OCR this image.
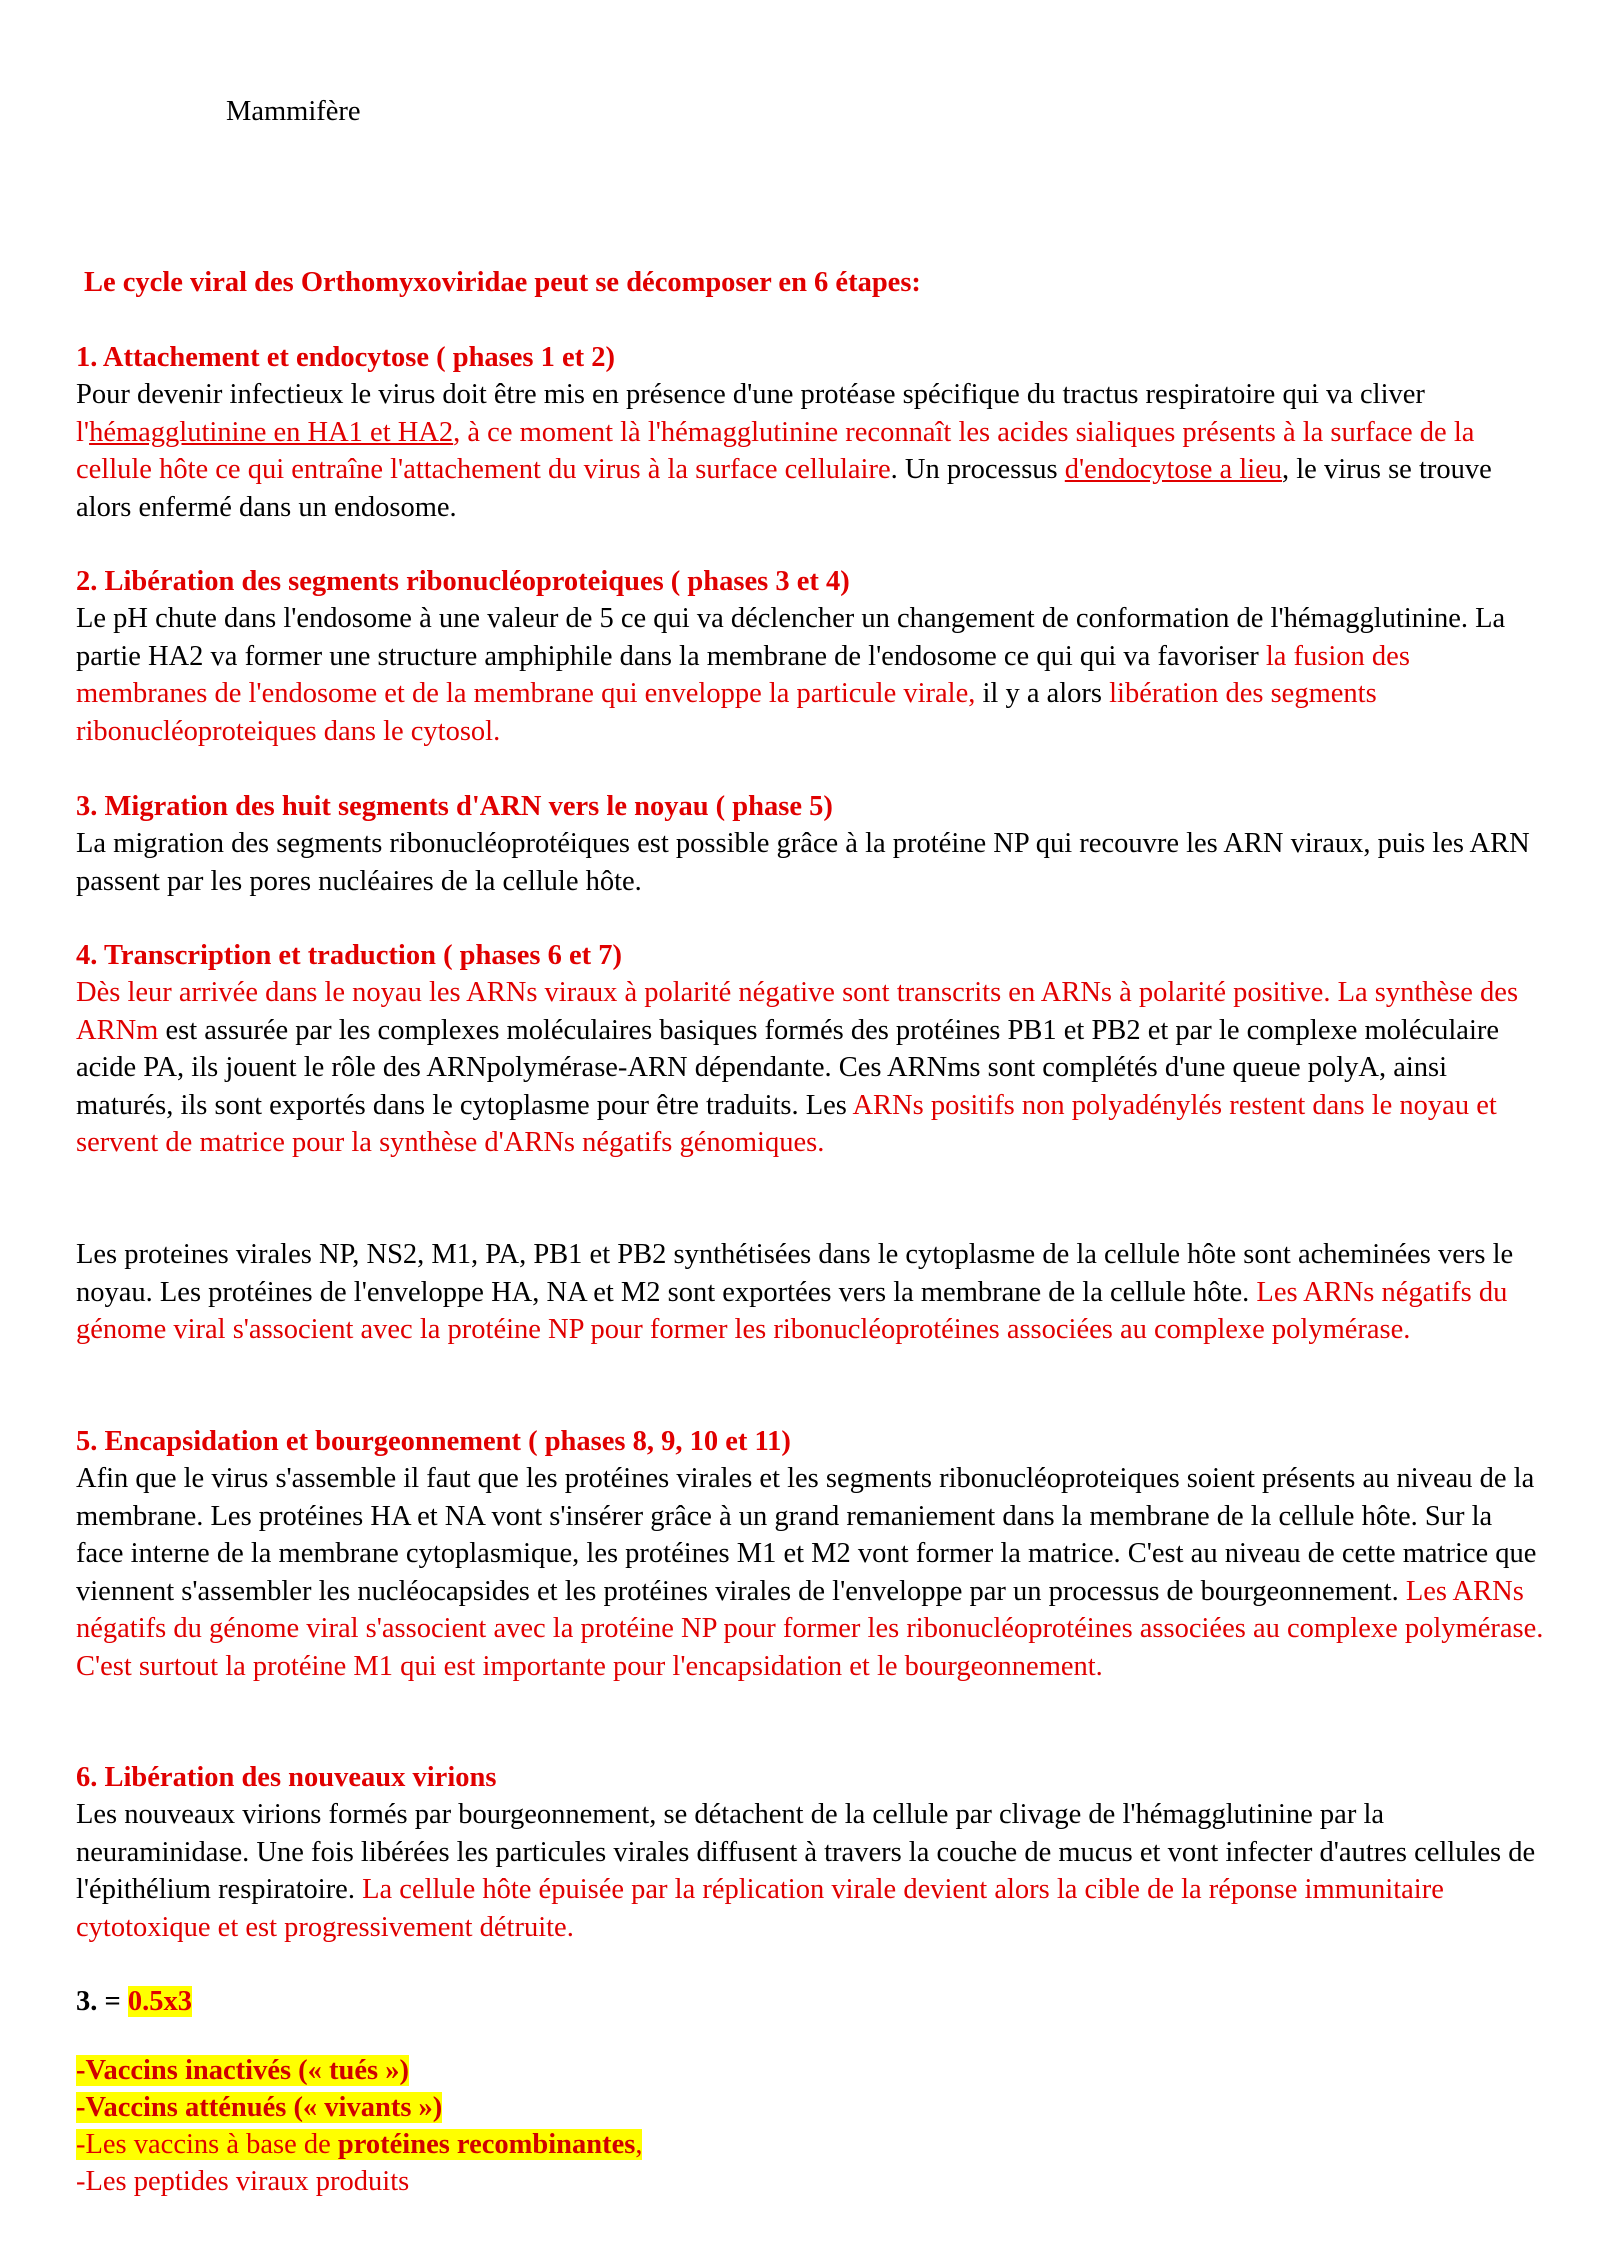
Mammifère

Le cycle viral des Orthomyxoviridae peut se décomposer en 6 étapes:

1. Attachement et endocytose ( phases 1 et 2)

Pour devenir infectieux le virus doit être mis en présence d'une protéase spécifique du tractus respiratoire qui va cliver l'hémagglutinine en HA1 et HA2, à ce moment là l'hémagglutinine reconnaît les acides sialiques présents à la surface de la cellule hôte ce qui entraîne l'attachement du virus à la surface cellulaire. Un processus d'endocytose a lieu, le virus se trouve alors enfermé dans un endosome.

2. Libération des segments ribonucléoproteiques ( phases 3 et 4)

Le pH chute dans l'endosome à une valeur de 5 ce qui va déclencher un changement de conformation de l'hémagglutinine. La partie HA2 va former une structure amphiphile dans la membrane de l'endosome ce qui qui va favoriser la fusion des membranes de l'endosome et de la membrane qui enveloppe la particule virale, il y a alors libération des segments ribonucléoproteiques dans le cytosol.

3. Migration des huit segments d'ARN vers le noyau ( phase 5)

La migration des segments ribonucléoprotéiques est possible grâce à la protéine NP qui recouvre les ARN viraux, puis les ARN passent par les pores nucléaires de la cellule hôte.

4. Transcription et traduction ( phases 6 et 7)

Dès leur arrivée dans le noyau les ARNs viraux à polarité négative sont transcrits en ARNs à polarité positive. La synthèse des ARNm est assurée par les complexes moléculaires basiques formés des protéines PB1 et PB2 et par le complexe moléculaire acide PA, ils jouent le rôle des ARNpolymérase-ARN dépendante. Ces ARNms sont complétés d'une queue polyA, ainsi maturés, ils sont exportés dans le cytoplasme pour être traduits. Les ARNs positifs non polyadénylés restent dans le noyau et servent de matrice pour la synthèse d'ARNs négatifs génomiques.

Les proteines virales NP, NS2, M1, PA, PB1 et PB2 synthétisées dans le cytoplasme de la cellule hôte sont acheminées vers le noyau. Les protéines de l'enveloppe HA, NA et M2 sont exportées vers la membrane de la cellule hôte. Les ARNs négatifs du génome viral s'associent avec la protéine NP pour former les ribonucléoprotéines associées au complexe polymérase.

5. Encapsidation et bourgeonnement ( phases 8, 9, 10 et 11)

Afin que le virus s'assemble il faut que les protéines virales et les segments ribonucléoproteiques soient présents au niveau de la membrane. Les protéines HA et NA vont s'insérer grâce à un grand remaniement dans la membrane de la cellule hôte. Sur la face interne de la membrane cytoplasmique, les protéines M1 et M2 vont former la matrice. C'est au niveau de cette matrice que viennent s'assembler les nucléocapsides et les protéines virales de l'enveloppe par un processus de bourgeonnement. Les ARNs négatifs du génome viral s'associent avec la protéine NP pour former les ribonucléoprotéines associées au complexe polymérase. C'est surtout la protéine M1 qui est importante pour l'encapsidation et le bourgeonnement.

6. Libération des nouveaux virions

Les nouveaux virions formés par bourgeonnement, se détachent de la cellule par clivage de l'hémagglutinine par la neuraminidase. Une fois libérées les particules virales diffusent à travers la couche de mucus et vont infecter d'autres cellules de l'épithélium respiratoire. La cellule hôte épuisée par la réplication virale devient alors la cible de la réponse immunitaire cytotoxique et est progressivement détruite.

3. = 0.5x3

-Vaccins inactivés (« tués »)

-Vaccins atténués (« vivants »)

-Les vaccins à base de protéines recombinantes,

-Les peptides viraux produits
